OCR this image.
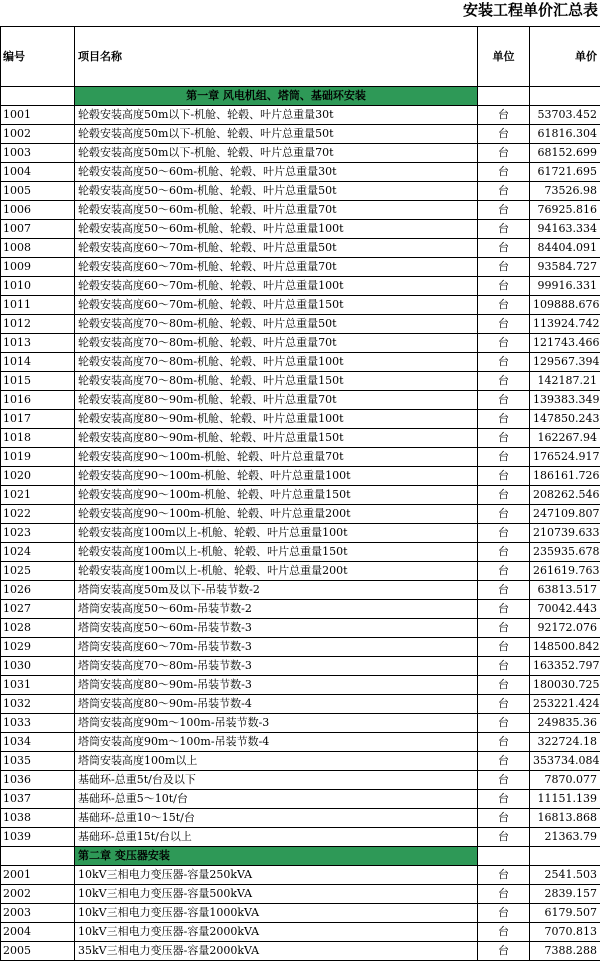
安装工程单价汇总表
编号	项目名称	单位	单价
	第一章 风电机组、塔筒、基础环安装		
1001	轮毂安装高度50m以下-机舱、轮毂、叶片总重量30t	台	53703.452
1002	轮毂安装高度50m以下-机舱、轮毂、叶片总重量50t	台	61816.304
1003	轮毂安装高度50m以下-机舱、轮毂、叶片总重量70t	台	68152.699
1004	轮毂安装高度50～60m-机舱、轮毂、叶片总重量30t	台	61721.695
1005	轮毂安装高度50～60m-机舱、轮毂、叶片总重量50t	台	73526.98
1006	轮毂安装高度50～60m-机舱、轮毂、叶片总重量70t	台	76925.816
1007	轮毂安装高度50～60m-机舱、轮毂、叶片总重量100t	台	94163.334
1008	轮毂安装高度60～70m-机舱、轮毂、叶片总重量50t	台	84404.091
1009	轮毂安装高度60～70m-机舱、轮毂、叶片总重量70t	台	93584.727
1010	轮毂安装高度60～70m-机舱、轮毂、叶片总重量100t	台	99916.331
1011	轮毂安装高度60～70m-机舱、轮毂、叶片总重量150t	台	109888.676
1012	轮毂安装高度70～80m-机舱、轮毂、叶片总重量50t	台	113924.742
1013	轮毂安装高度70～80m-机舱、轮毂、叶片总重量70t	台	121743.466
1014	轮毂安装高度70～80m-机舱、轮毂、叶片总重量100t	台	129567.394
1015	轮毂安装高度70～80m-机舱、轮毂、叶片总重量150t	台	142187.21
1016	轮毂安装高度80～90m-机舱、轮毂、叶片总重量70t	台	139383.349
1017	轮毂安装高度80～90m-机舱、轮毂、叶片总重量100t	台	147850.243
1018	轮毂安装高度80～90m-机舱、轮毂、叶片总重量150t	台	162267.94
1019	轮毂安装高度90～100m-机舱、轮毂、叶片总重量70t	台	176524.917
1020	轮毂安装高度90～100m-机舱、轮毂、叶片总重量100t	台	186161.726
1021	轮毂安装高度90～100m-机舱、轮毂、叶片总重量150t	台	208262.546
1022	轮毂安装高度90～100m-机舱、轮毂、叶片总重量200t	台	247109.807
1023	轮毂安装高度100m以上-机舱、轮毂、叶片总重量100t	台	210739.633
1024	轮毂安装高度100m以上-机舱、轮毂、叶片总重量150t	台	235935.678
1025	轮毂安装高度100m以上-机舱、轮毂、叶片总重量200t	台	261619.763
1026	塔筒安装高度50m及以下-吊装节数-2	台	63813.517
1027	塔筒安装高度50～60m-吊装节数-2	台	70042.443
1028	塔筒安装高度50～60m-吊装节数-3	台	92172.076
1029	塔筒安装高度60～70m-吊装节数-3	台	148500.842
1030	塔筒安装高度70～80m-吊装节数-3	台	163352.797
1031	塔筒安装高度80～90m-吊装节数-3	台	180030.725
1032	塔筒安装高度80～90m-吊装节数-4	台	253221.424
1033	塔筒安装高度90m～100m-吊装节数-3	台	249835.36
1034	塔筒安装高度90m～100m-吊装节数-4	台	322724.18
1035	塔筒安装高度100m以上	台	353734.084
1036	基础环-总重5t/台及以下	台	7870.077
1037	基础环-总重5～10t/台	台	11151.139
1038	基础环-总重10～15t/台	台	16813.868
1039	基础环-总重15t/台以上	台	21363.79
	第二章 变压器安装		
2001	10kV三相电力变压器-容量250kVA	台	2541.503
2002	10kV三相电力变压器-容量500kVA	台	2839.157
2003	10kV三相电力变压器-容量1000kVA	台	6179.507
2004	10kV三相电力变压器-容量2000kVA	台	7070.813
2005	35kV三相电力变压器-容量2000kVA	台	7388.288
